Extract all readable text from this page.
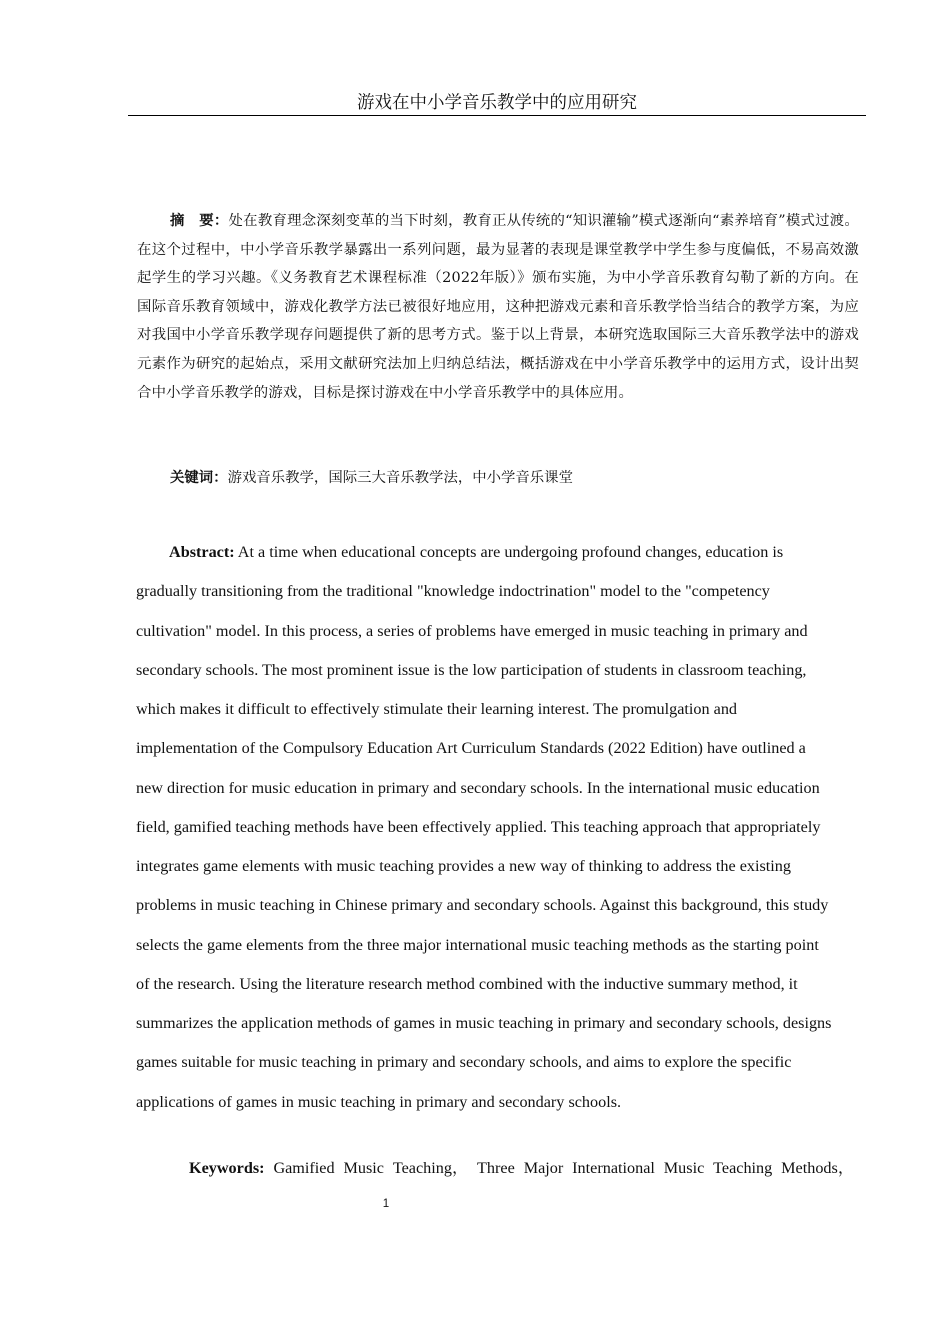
游戏在中小学音乐教学中的应用研究
摘　要：处在教育理念深刻变革的当下时刻，教育正从传统的“知识灌输”模式逐渐向“素养培育”模式过渡。在这个过程中，中小学音乐教学暴露出一系列问题，最为显著的表现是课堂教学中学生参与度偏低，不易高效激起学生的学习兴趣。《义务教育艺术课程标准（2022年版）》颁布实施，为中小学音乐教育勾勒了新的方向。在国际音乐教育领域中，游戏化教学方法已被很好地应用，这种把游戏元素和音乐教学恰当结合的教学方案，为应对我国中小学音乐教学现存问题提供了新的思考方式。鉴于以上背景，本研究选取国际三大音乐教学法中的游戏元素作为研究的起始点，采用文献研究法加上归纳总结法，概括游戏在中小学音乐教学中的运用方式，设计出契合中小学音乐教学的游戏，目标是探讨游戏在中小学音乐教学中的具体应用。
关键词：游戏音乐教学，国际三大音乐教学法，中小学音乐课堂
Abstract: At a time when educational concepts are undergoing profound changes, education is
gradually transitioning from the traditional "knowledge indoctrination" model to the "competency
cultivation" model. In this process, a series of problems have emerged in music teaching in primary and
secondary schools. The most prominent issue is the low participation of students in classroom teaching,
which makes it difficult to effectively stimulate their learning interest. The promulgation and
implementation of the Compulsory Education Art Curriculum Standards (2022 Edition) have outlined a
new direction for music education in primary and secondary schools. In the international music education
field, gamified teaching methods have been effectively applied. This teaching approach that appropriately
integrates game elements with music teaching provides a new way of thinking to address the existing
problems in music teaching in Chinese primary and secondary schools. Against this background, this study
selects the game elements from the three major international music teaching methods as the starting point
of the research. Using the literature research method combined with the inductive summary method, it
summarizes the application methods of games in music teaching in primary and secondary schools, designs
games suitable for music teaching in primary and secondary schools, and aims to explore the specific
applications of games in music teaching in primary and secondary schools.
Keywords: Gamified Music Teaching， Three Major International Music Teaching Methods，
1
